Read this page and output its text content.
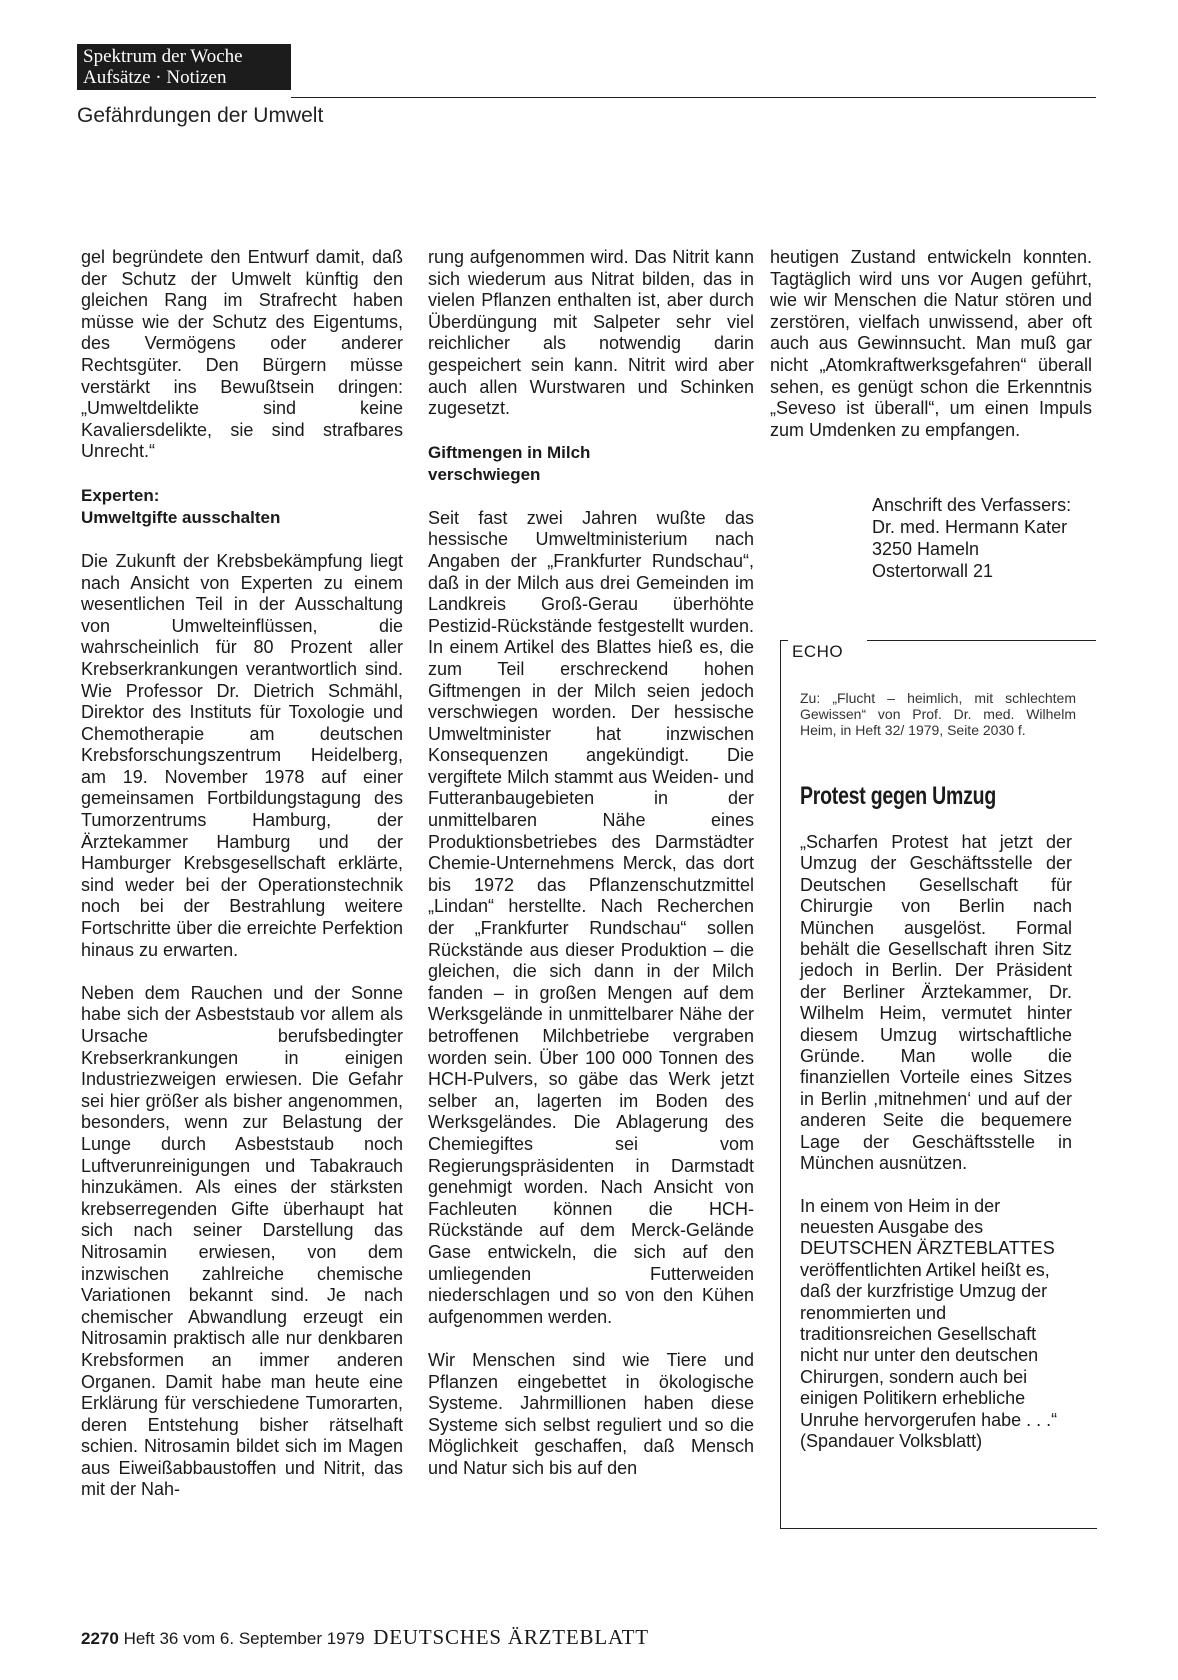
Spektrum der Woche
Aufsätze · Notizen
Gefährdungen der Umwelt

gel begründete den Entwurf damit, daß der Schutz der Umwelt künftig den gleichen Rang im Strafrecht haben müsse wie der Schutz des Eigentums, des Vermögens oder anderer Rechtsgüter. Den Bürgern müsse verstärkt ins Bewußtsein dringen: „Umweltdelikte sind keine Kavaliersdelikte, sie sind strafbares Unrecht.“

Experten:
Umweltgifte ausschalten

Die Zukunft der Krebsbekämpfung liegt nach Ansicht von Experten zu einem wesentlichen Teil in der Ausschaltung von Umwelteinflüssen, die wahrscheinlich für 80 Prozent aller Krebserkrankungen verantwortlich sind. Wie Professor Dr. Dietrich Schmähl, Direktor des Instituts für Toxologie und Chemotherapie am deutschen Krebsforschungszentrum Heidelberg, am 19. November 1978 auf einer gemeinsamen Fortbildungstagung des Tumorzentrums Hamburg, der Ärztekammer Hamburg und der Hamburger Krebsgesellschaft erklärte, sind weder bei der Operationstechnik noch bei der Bestrahlung weitere Fortschritte über die erreichte Perfektion hinaus zu erwarten.

Neben dem Rauchen und der Sonne habe sich der Asbeststaub vor allem als Ursache berufsbedingter Krebserkrankungen in einigen Industriezweigen erwiesen. Die Gefahr sei hier größer als bisher angenommen, besonders, wenn zur Belastung der Lunge durch Asbeststaub noch Luftverunreinigungen und Tabakrauch hinzukämen. Als eines der stärksten krebserregenden Gifte überhaupt hat sich nach seiner Darstellung das Nitrosamin erwiesen, von dem inzwischen zahlreiche chemische Variationen bekannt sind. Je nach chemischer Abwandlung erzeugt ein Nitrosamin praktisch alle nur denkbaren Krebsformen an immer anderen Organen. Damit habe man heute eine Erklärung für verschiedene Tumorarten, deren Entstehung bisher rätselhaft schien. Nitrosamin bildet sich im Magen aus Eiweißabbaustoffen und Nitrit, das mit der Nah-

rung aufgenommen wird. Das Nitrit kann sich wiederum aus Nitrat bilden, das in vielen Pflanzen enthalten ist, aber durch Überdüngung mit Salpeter sehr viel reichlicher als notwendig darin gespeichert sein kann. Nitrit wird aber auch allen Wurstwaren und Schinken zugesetzt.

Giftmengen in Milch
verschwiegen

Seit fast zwei Jahren wußte das hessische Umweltministerium nach Angaben der „Frankfurter Rundschau“, daß in der Milch aus drei Gemeinden im Landkreis Groß-Gerau überhöhte Pestizid-Rückstände festgestellt wurden. In einem Artikel des Blattes hieß es, die zum Teil erschreckend hohen Giftmengen in der Milch seien jedoch verschwiegen worden. Der hessische Umweltminister hat inzwischen Konsequenzen angekündigt. Die vergiftete Milch stammt aus Weiden- und Futteranbaugebieten in der unmittelbaren Nähe eines Produktionsbetriebes des Darmstädter Chemie-Unternehmens Merck, das dort bis 1972 das Pflanzenschutzmittel „Lindan“ herstellte. Nach Recherchen der „Frankfurter Rundschau“ sollen Rückstände aus dieser Produktion – die gleichen, die sich dann in der Milch fanden – in großen Mengen auf dem Werksgelände in unmittelbarer Nähe der betroffenen Milchbetriebe vergraben worden sein. Über 100 000 Tonnen des HCH-Pulvers, so gäbe das Werk jetzt selber an, lagerten im Boden des Werksgeländes. Die Ablagerung des Chemiegiftes sei vom Regierungspräsidenten in Darmstadt genehmigt worden. Nach Ansicht von Fachleuten können die HCH-Rückstände auf dem Merck-Gelände Gase entwickeln, die sich auf den umliegenden Futterweiden niederschlagen und so von den Kühen aufgenommen werden.

Wir Menschen sind wie Tiere und Pflanzen eingebettet in ökologische Systeme. Jahrmillionen haben diese Systeme sich selbst reguliert und so die Möglichkeit geschaffen, daß Mensch und Natur sich bis auf den

heutigen Zustand entwickeln konnten. Tagtäglich wird uns vor Augen geführt, wie wir Menschen die Natur stören und zerstören, vielfach unwissend, aber oft auch aus Gewinnsucht. Man muß gar nicht „Atomkraftwerksgefahren“ überall sehen, es genügt schon die Erkenntnis „Seveso ist überall“, um einen Impuls zum Umdenken zu empfangen.

Anschrift des Verfassers:
Dr. med. Hermann Kater
3250 Hameln
Ostertorwall 21
ECHO
Zu: „Flucht – heimlich, mit schlechtem Gewissen“ von Prof. Dr. med. Wilhelm Heim, in Heft 32/ 1979, Seite 2030 f.
Protest gegen Umzug

„Scharfen Protest hat jetzt der Umzug der Geschäftsstelle der Deutschen Gesellschaft für Chirurgie von Berlin nach München ausgelöst. Formal behält die Gesellschaft ihren Sitz jedoch in Berlin. Der Präsident der Berliner Ärztekammer, Dr. Wilhelm Heim, vermutet hinter diesem Umzug wirtschaftliche Gründe. Man wolle die finanziellen Vorteile eines Sitzes in Berlin ,mitnehmen‘ und auf der anderen Seite die bequemere Lage der Geschäftsstelle in München ausnützen.

In einem von Heim in der neuesten Ausgabe des DEUTSCHEN ÄRZTEBLATTES veröffentlichten Artikel heißt es, daß der kurzfristige Umzug der renommierten und traditionsreichen Gesellschaft nicht nur unter den deutschen Chirurgen, sondern auch bei einigen Politikern erhebliche Unruhe hervorgerufen habe . . .“ (Spandauer Volksblatt)

2270 Heft 36 vom 6. September 1979 DEUTSCHES ÄRZTEBLATT
